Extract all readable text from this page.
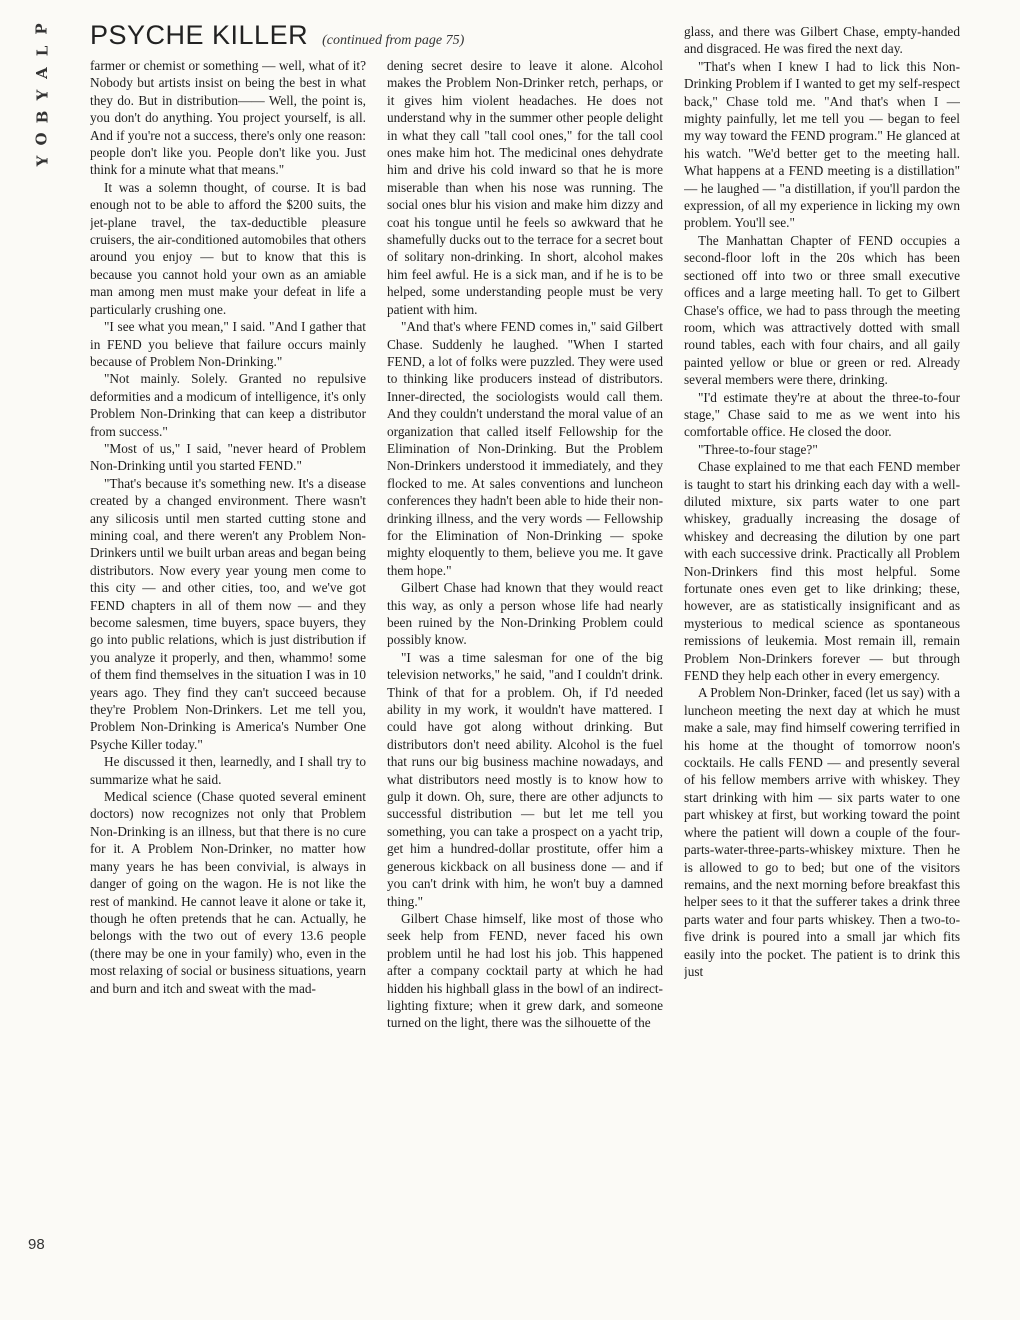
P
L
A
Y
B
O
Y
PSYCHE KILLER (continued from page 75)

farmer or chemist or something — well, what of it? Nobody but artists insist on being the best in what they do. But in distribution—— Well, the point is, you don't do anything. You project yourself, is all. And if you're not a success, there's only one reason: people don't like you. People don't like you. Just think for a minute what that means."

It was a solemn thought, of course. It is bad enough not to be able to afford the $200 suits, the jet-plane travel, the tax-deductible pleasure cruisers, the air-conditioned automobiles that others around you enjoy — but to know that this is because you cannot hold your own as an amiable man among men must make your defeat in life a particularly crushing one.

"I see what you mean," I said. "And I gather that in FEND you believe that failure occurs mainly because of Problem Non-Drinking."

"Not mainly. Solely. Granted no repulsive deformities and a modicum of intelligence, it's only Problem Non-Drinking that can keep a distributor from success."

"Most of us," I said, "never heard of Problem Non-Drinking until you started FEND."

"That's because it's something new. It's a disease created by a changed environment. There wasn't any silicosis until men started cutting stone and mining coal, and there weren't any Problem Non-Drinkers until we built urban areas and began being distributors. Now every year young men come to this city — and other cities, too, and we've got FEND chapters in all of them now — and they become salesmen, time buyers, space buyers, they go into public relations, which is just distribution if you analyze it properly, and then, whammo! some of them find themselves in the situation I was in 10 years ago. They find they can't succeed because they're Problem Non-Drinkers. Let me tell you, Problem Non-Drinking is America's Number One Psyche Killer today."

He discussed it then, learnedly, and I shall try to summarize what he said.

Medical science (Chase quoted several eminent doctors) now recognizes not only that Problem Non-Drinking is an illness, but that there is no cure for it. A Problem Non-Drinker, no matter how many years he has been convivial, is always in danger of going on the wagon. He is not like the rest of mankind. He cannot leave it alone or take it, though he often pretends that he can. Actually, he belongs with the two out of every 13.6 people (there may be one in your family) who, even in the most relaxing of social or business situations, yearn and burn and itch and sweat with the mad-

dening secret desire to leave it alone. Alcohol makes the Problem Non-Drinker retch, perhaps, or it gives him violent headaches. He does not understand why in the summer other people delight in what they call "tall cool ones," for the tall cool ones make him hot. The medicinal ones dehydrate him and drive his cold inward so that he is more miserable than when his nose was running. The social ones blur his vision and make him dizzy and coat his tongue until he feels so awkward that he shamefully ducks out to the terrace for a secret bout of solitary non-drinking. In short, alcohol makes him feel awful. He is a sick man, and if he is to be helped, some understanding people must be very patient with him.

"And that's where FEND comes in," said Gilbert Chase. Suddenly he laughed. "When I started FEND, a lot of folks were puzzled. They were used to thinking like producers instead of distributors. Inner-directed, the sociologists would call them. And they couldn't understand the moral value of an organization that called itself Fellowship for the Elimination of Non-Drinking. But the Problem Non-Drinkers understood it immediately, and they flocked to me. At sales conventions and luncheon conferences they hadn't been able to hide their non-drinking illness, and the very words — Fellowship for the Elimination of Non-Drinking — spoke mighty eloquently to them, believe you me. It gave them hope."

Gilbert Chase had known that they would react this way, as only a person whose life had nearly been ruined by the Non-Drinking Problem could possibly know.

"I was a time salesman for one of the big television networks," he said, "and I couldn't drink. Think of that for a problem. Oh, if I'd needed ability in my work, it wouldn't have mattered. I could have got along without drinking. But distributors don't need ability. Alcohol is the fuel that runs our big business machine nowadays, and what distributors need mostly is to know how to gulp it down. Oh, sure, there are other adjuncts to successful distribution — but let me tell you something, you can take a prospect on a yacht trip, get him a hundred-dollar prostitute, offer him a generous kickback on all business done — and if you can't drink with him, he won't buy a damned thing."

Gilbert Chase himself, like most of those who seek help from FEND, never faced his own problem until he had lost his job. This happened after a company cocktail party at which he had hidden his highball glass in the bowl of an indirect-lighting fixture; when it grew dark, and someone turned on the light, there was the silhouette of the

glass, and there was Gilbert Chase, empty-handed and disgraced. He was fired the next day.

"That's when I knew I had to lick this Non-Drinking Problem if I wanted to get my self-respect back," Chase told me. "And that's when I — mighty painfully, let me tell you — began to feel my way toward the FEND program." He glanced at his watch. "We'd better get to the meeting hall. What happens at a FEND meeting is a distillation" — he laughed — "a distillation, if you'll pardon the expression, of all my experience in licking my own problem. You'll see."

The Manhattan Chapter of FEND occupies a second-floor loft in the 20s which has been sectioned off into two or three small executive offices and a large meeting hall. To get to Gilbert Chase's office, we had to pass through the meeting room, which was attractively dotted with small round tables, each with four chairs, and all gaily painted yellow or blue or green or red. Already several members were there, drinking.

"I'd estimate they're at about the three-to-four stage," Chase said to me as we went into his comfortable office. He closed the door.

"Three-to-four stage?"

Chase explained to me that each FEND member is taught to start his drinking each day with a well-diluted mixture, six parts water to one part whiskey, gradually increasing the dosage of whiskey and decreasing the dilution by one part with each successive drink. Practically all Problem Non-Drinkers find this most helpful. Some fortunate ones even get to like drinking; these, however, are as statistically insignificant and as mysterious to medical science as spontaneous remissions of leukemia. Most remain ill, remain Problem Non-Drinkers forever — but through FEND they help each other in every emergency.

A Problem Non-Drinker, faced (let us say) with a luncheon meeting the next day at which he must make a sale, may find himself cowering terrified in his home at the thought of tomorrow noon's cocktails. He calls FEND — and presently several of his fellow members arrive with whiskey. They start drinking with him — six parts water to one part whiskey at first, but working toward the point where the patient will down a couple of the four-parts-water-three-parts-whiskey mixture. Then he is allowed to go to bed; but one of the visitors remains, and the next morning before breakfast this helper sees to it that the sufferer takes a drink three parts water and four parts whiskey. Then a two-to-five drink is poured into a small jar which fits easily into the pocket. The patient is to drink this just

98
